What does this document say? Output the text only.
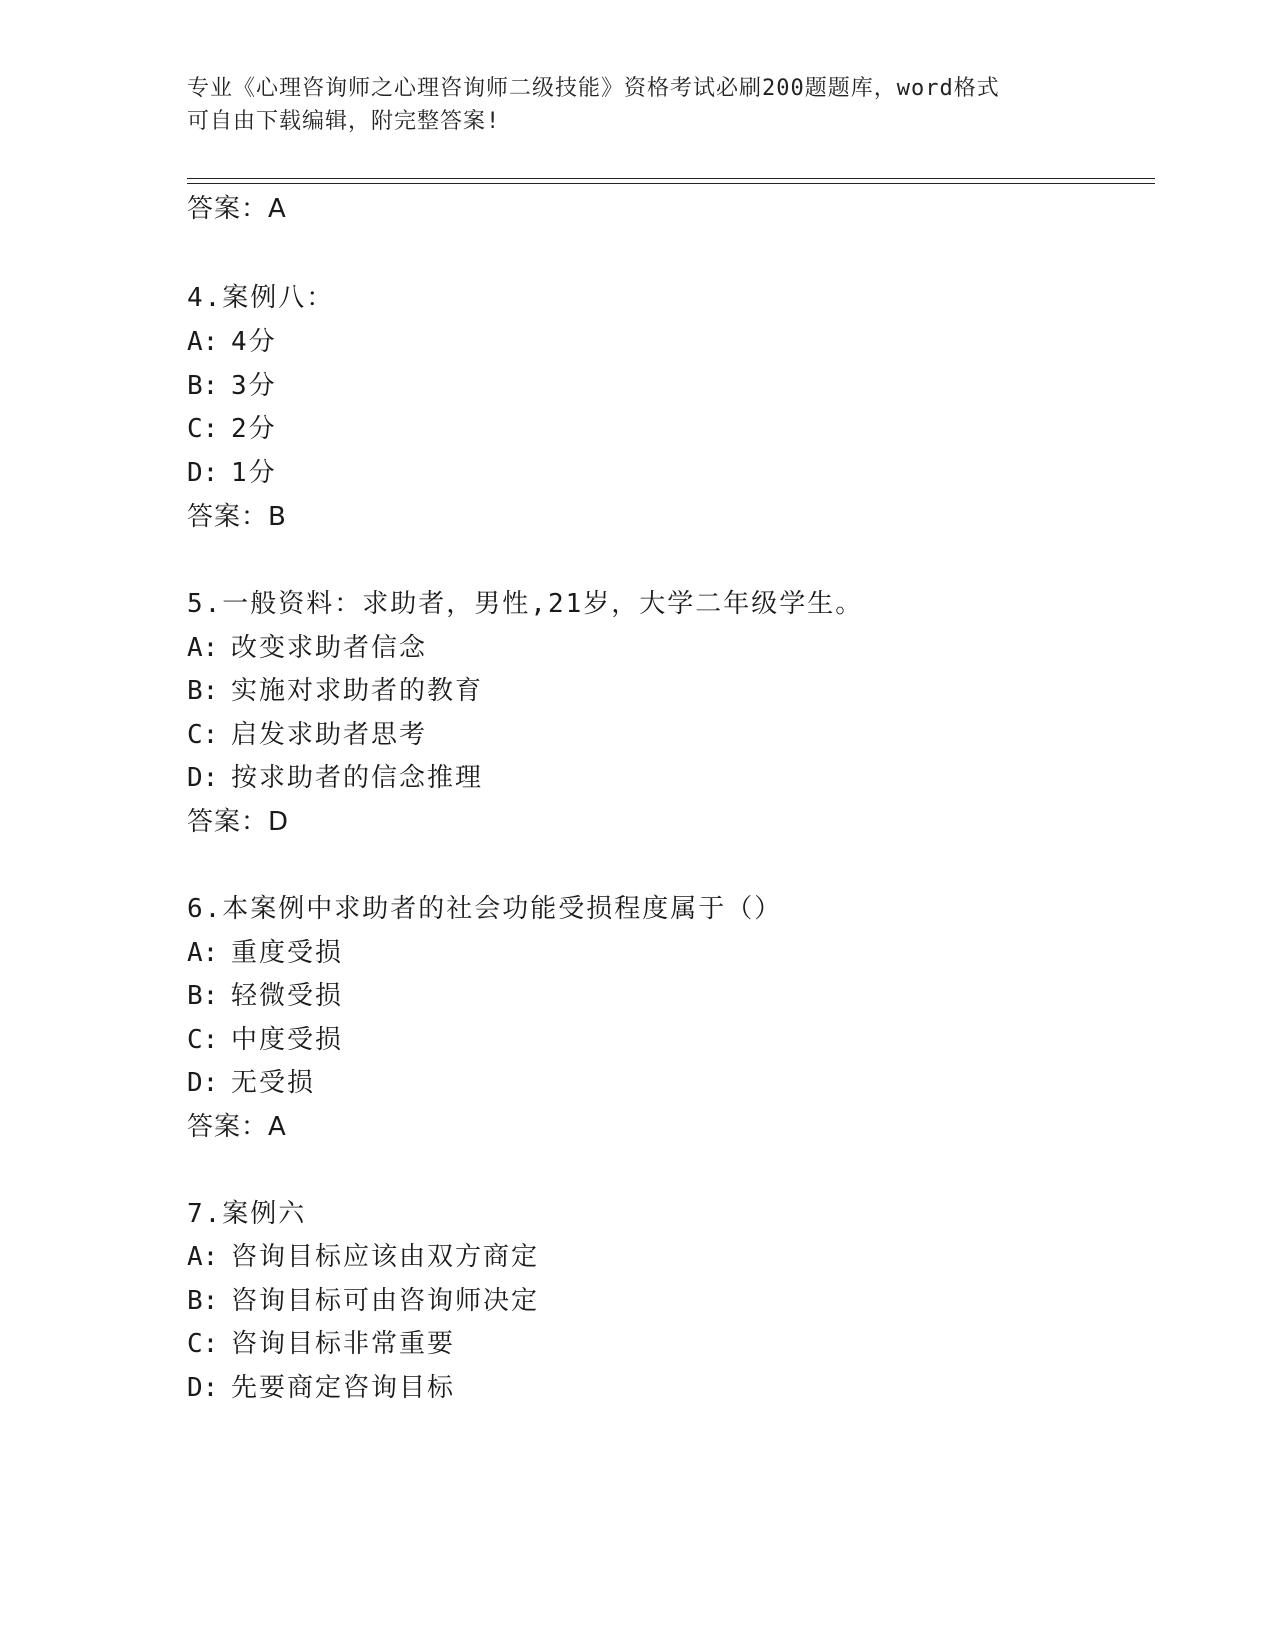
专业《心理咨询师之心理咨询师二级技能》资格考试必刷200题题库，word格式
可自由下载编辑，附完整答案!
答案：A
4.案例八：
A: 4分
B: 3分
C: 2分
D: 1分
答案：B
5.一般资料：求助者，男性,21岁，大学二年级学生。
A: 改变求助者信念
B: 实施对求助者的教育
C: 启发求助者思考
D: 按求助者的信念推理
答案：D
6.本案例中求助者的社会功能受损程度属于（）
A: 重度受损
B: 轻微受损
C: 中度受损
D: 无受损
答案：A
7.案例六
A: 咨询目标应该由双方商定
B: 咨询目标可由咨询师决定
C: 咨询目标非常重要
D: 先要商定咨询目标
